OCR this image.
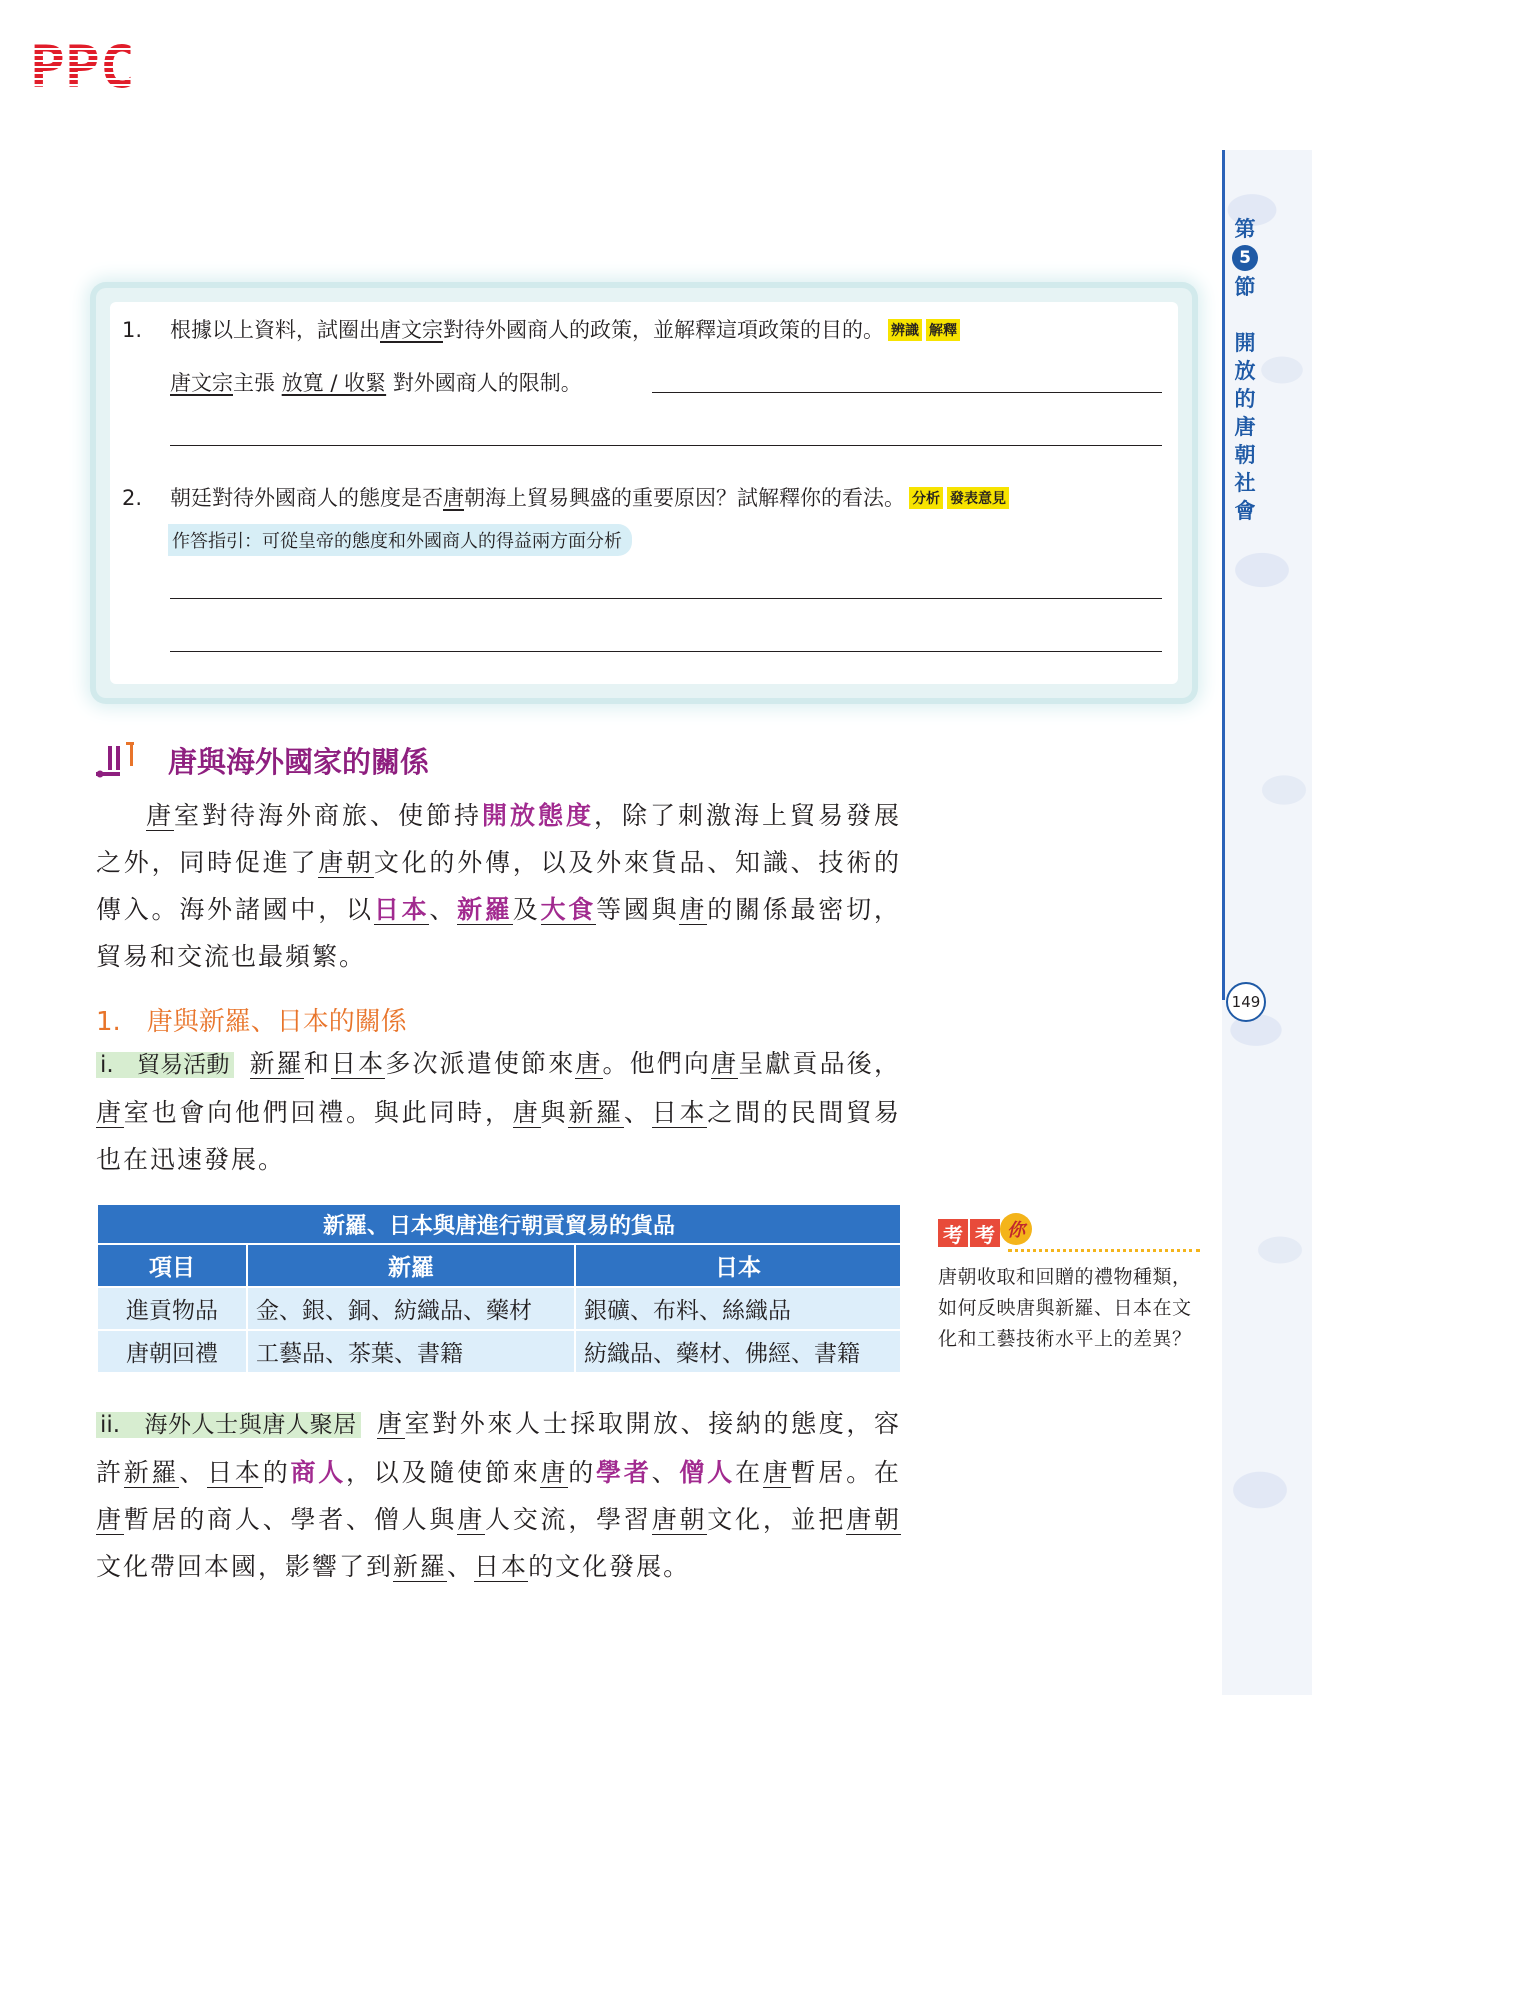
PPC
第
5
節
開
放
的
唐
朝
社
會
149
1. 根據以上資料，試圈出唐文宗對待外國商人的政策，並解釋這項政策的目的。 辨識 解釋
唐文宗主張 放寬 / 收緊 對外國商人的限制。
2. 朝廷對待外國商人的態度是否唐朝海上貿易興盛的重要原因？試解釋你的看法。 分析 發表意見
作答指引：可從皇帝的態度和外國商人的得益兩方面分析
唐與海外國家的關係
唐室對待海外商旅、使節持開放態度，除了刺激海上貿易發展之外，同時促進了唐朝文化的外傳，以及外來貨品、知識、技術的傳入。海外諸國中，以日本、新羅及大食等國與唐的關係最密切，貿易和交流也最頻繁。
1.　唐與新羅、日本的關係
i.　貿易活動 新羅和日本多次派遣使節來唐。他們向唐呈獻貢品後，唐室也會向他們回禮。與此同時，唐與新羅、日本之間的民間貿易也在迅速發展。
新羅、日本與唐進行朝貢貿易的貨品		
項目	新羅	日本
進貢物品	金、銀、銅、紡織品、藥材	銀礦、布料、絲織品
唐朝回禮	工藝品、茶葉、書籍	紡織品、藥材、佛經、書籍
考 考 你
唐朝收取和回贈的禮物種類，如何反映唐與新羅、日本在文化和工藝技術水平上的差異？
ii.　海外人士與唐人聚居 唐室對外來人士採取開放、接納的態度，容許新羅、日本的商人，以及隨使節來唐的學者、僧人在唐暫居。在唐暫居的商人、學者、僧人與唐人交流，學習唐朝文化，並把唐朝文化帶回本國，影響了到新羅、日本的文化發展。
